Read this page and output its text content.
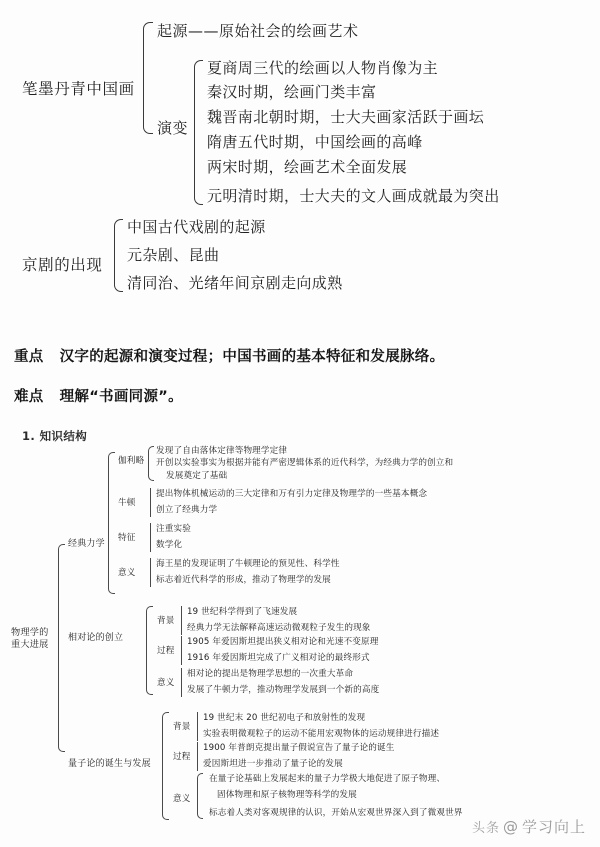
笔墨丹青中国画
起源——原始社会的绘画艺术
演变
夏商周三代的绘画以人物肖像为主
秦汉时期，绘画门类丰富
魏晋南北朝时期，士大夫画家活跃于画坛
隋唐五代时期，中国绘画的高峰
两宋时期，绘画艺术全面发展
元明清时期，士大夫的文人画成就最为突出
京剧的出现
中国古代戏剧的起源
元杂剧、昆曲
清同治、光绪年间京剧走向成熟
重点 汉字的起源和演变过程；中国书画的基本特征和发展脉络。
难点 理解“书画同源”。
1. 知识结构
物理学的
重大进展
经典力学
伽利略
发现了自由落体定律等物理学定律
开创以实验事实为根据并能有严密逻辑体系的近代科学，为经典力学的创立和
发展奠定了基础
牛顿
提出物体机械运动的三大定律和万有引力定律及物理学的一些基本概念
创立了经典力学
特征
注重实验
数学化
意义
海王星的发现证明了牛顿理论的预见性、科学性
标志着近代科学的形成，推动了物理学的发展
相对论的创立
背景
19 世纪科学得到了飞速发展
经典力学无法解释高速运动微观粒子发生的现象
过程
1905 年爱因斯坦提出狭义相对论和光速不变原理
1916 年爱因斯坦完成了广义相对论的最终形式
意义
相对论的提出是物理学思想的一次重大革命
发展了牛顿力学，推动物理学发展到一个新的高度
量子论的诞生与发展
背景
19 世纪末 20 世纪初电子和放射性的发现
实验表明微观粒子的运动不能用宏观物体的运动规律进行描述
过程
1900 年普朗克提出量子假说宣告了量子论的诞生
爱因斯坦进一步推动了量子论的发展
意义
在量子论基础上发展起来的量子力学极大地促进了原子物理、
固体物理和原子核物理等科学的发展
标志着人类对客观规律的认识，开始从宏观世界深入到了微观世界
头条 @ 学习向上
